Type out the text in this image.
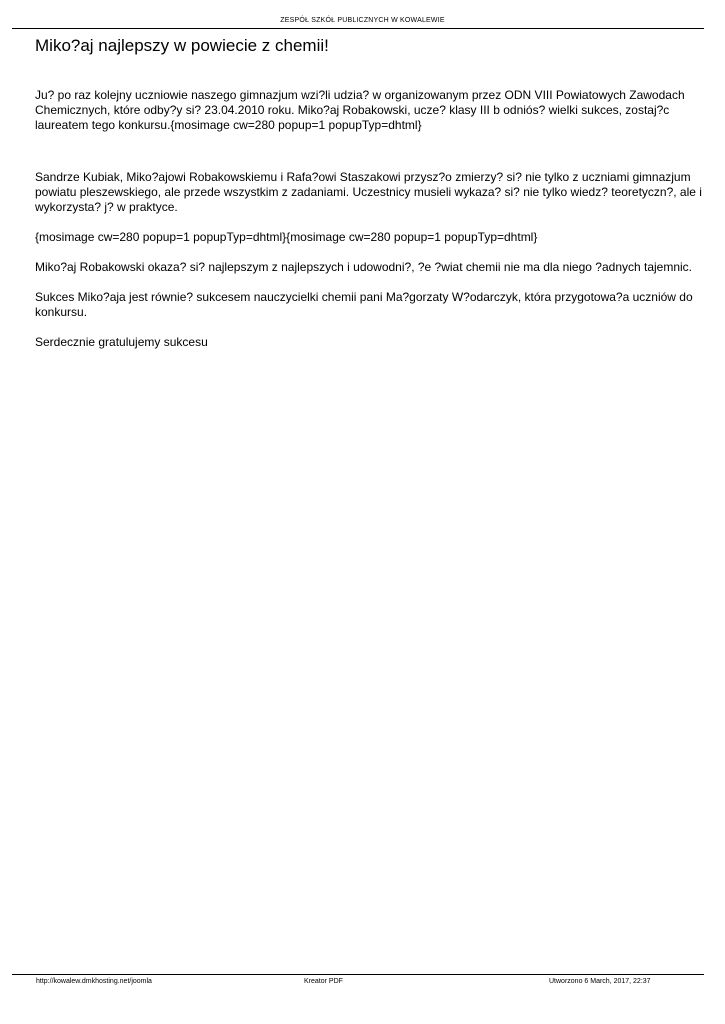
ZESPÓŁ SZKÓŁ PUBLICZNYCH W KOWALEWIE
Miko?aj najlepszy w powiecie z chemii!

Ju? po raz kolejny uczniowie naszego gimnazjum wzi?li udzia? w organizowanym przez ODN VIII Powiatowych Zawodach Chemicznych, które odby?y si? 23.04.2010 roku. Miko?aj Robakowski, ucze? klasy III b odniós? wielki sukces, zostaj?c laureatem tego konkursu.{mosimage cw=280 popup=1 popupTyp=dhtml}

Sandrze Kubiak, Miko?ajowi Robakowskiemu i Rafa?owi Staszakowi przysz?o zmierzy? si? nie tylko z uczniami gimnazjum powiatu pleszewskiego, ale przede wszystkim z zadaniami. Uczestnicy musieli wykaza? si? nie tylko wiedz? teoretyczn?, ale i wykorzysta? j? w praktyce.

{mosimage cw=280 popup=1 popupTyp=dhtml}{mosimage cw=280 popup=1 popupTyp=dhtml}

Miko?aj Robakowski okaza? si? najlepszym z najlepszych i udowodni?, ?e ?wiat chemii nie ma dla niego ?adnych tajemnic.

Sukces Miko?aja jest równie? sukcesem nauczycielki chemii pani Ma?gorzaty W?odarczyk, która przygotowa?a uczniów do konkursu.

Serdecznie gratulujemy sukcesu

http://kowalew.dmkhosting.net/joomla	Kreator PDF	Utworzono 6 March, 2017, 22:37
